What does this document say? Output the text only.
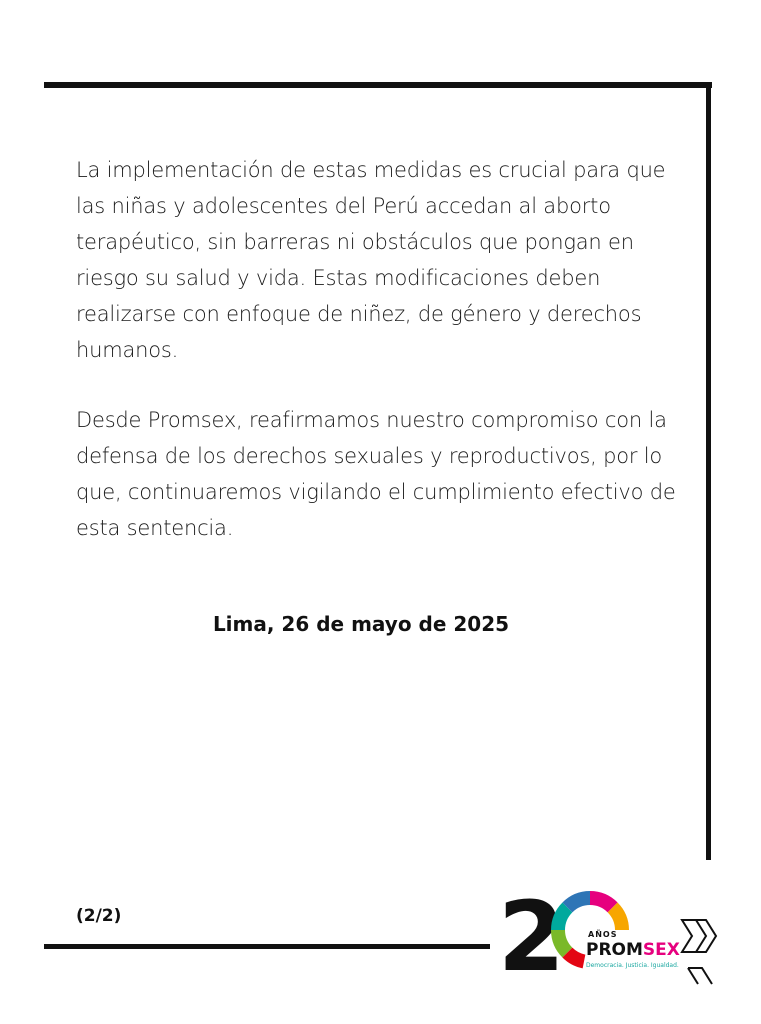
La implementación de estas medidas es crucial para que las niñas y adolescentes del Perú accedan al aborto terapéutico, sin barreras ni obstáculos que pongan en riesgo su salud y vida. Estas modificaciones deben realizarse con enfoque de niñez, de género y derechos humanos.

Desde Promsex, reafirmamos nuestro compromiso con la defensa de los derechos sexuales y reproductivos, por lo que, continuaremos vigilando el cumplimiento efectivo de esta sentencia.

Lima, 26 de mayo de 2025
(2/2)	2	AÑOS
PROMSEX
Democracia. Justicia. Igualdad.
